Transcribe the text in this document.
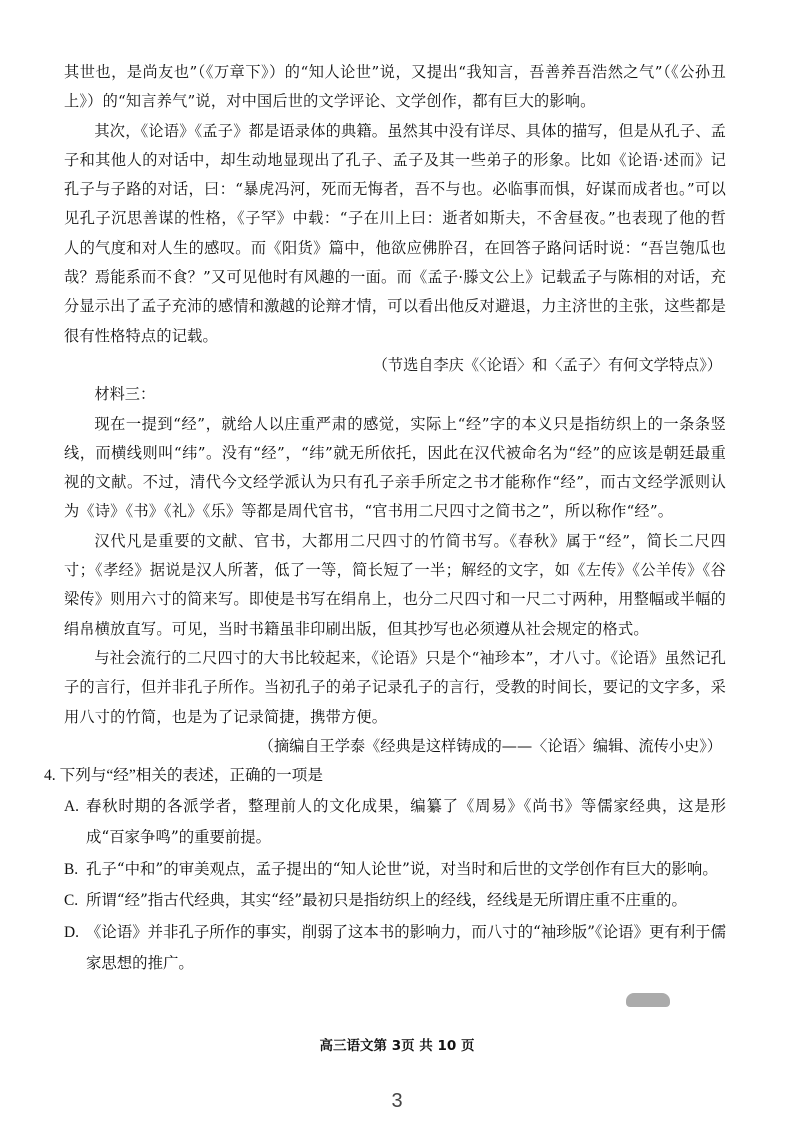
其世也，是尚友也”（《万章下》）的“知人论世”说，又提出“我知言，吾善养吾浩然之气”（《公孙丑上》）的“知言养气”说，对中国后世的文学评论、文学创作，都有巨大的影响。

其次，《论语》《孟子》都是语录体的典籍。虽然其中没有详尽、具体的描写，但是从孔子、孟子和其他人的对话中，却生动地显现出了孔子、孟子及其一些弟子的形象。比如《论语·述而》记孔子与子路的对话，曰：“暴虎冯河，死而无悔者，吾不与也。必临事而惧，好谋而成者也。”可以见孔子沉思善谋的性格，《子罕》中载：“子在川上曰：逝者如斯夫，不舍昼夜。”也表现了他的哲人的气度和对人生的感叹。而《阳货》篇中，他欲应佛肸召，在回答子路问话时说：“吾岂匏瓜也哉？焉能系而不食？”又可见他时有风趣的一面。而《孟子·滕文公上》记载孟子与陈相的对话，充分显示出了孟子充沛的感情和激越的论辩才情，可以看出他反对避退，力主济世的主张，这些都是很有性格特点的记载。

（节选自李庆《〈论语〉和〈孟子〉有何文学特点》）

材料三：

现在一提到“经”，就给人以庄重严肃的感觉，实际上“经”字的本义只是指纺织上的一条条竖线，而横线则叫“纬”。没有“经”，“纬”就无所依托，因此在汉代被命名为“经”的应该是朝廷最重视的文献。不过，清代今文经学派认为只有孔子亲手所定之书才能称作“经”，而古文经学派则认为《诗》《书》《礼》《乐》等都是周代官书，“官书用二尺四寸之简书之”，所以称作“经”。

汉代凡是重要的文献、官书，大都用二尺四寸的竹简书写。《春秋》属于“经”，简长二尺四寸；《孝经》据说是汉人所著，低了一等，简长短了一半；解经的文字，如《左传》《公羊传》《谷梁传》则用六寸的简来写。即使是书写在绢帛上，也分二尺四寸和一尺二寸两种，用整幅或半幅的绢帛横放直写。可见，当时书籍虽非印刷出版，但其抄写也必须遵从社会规定的格式。

与社会流行的二尺四寸的大书比较起来，《论语》只是个“袖珍本”，才八寸。《论语》虽然记孔子的言行，但并非孔子所作。当初孔子的弟子记录孔子的言行，受教的时间长，要记的文字多，采用八寸的竹简，也是为了记录简捷，携带方便。

（摘编自王学泰《经典是这样铸成的——〈论语〉编辑、流传小史》）

4. 下列与“经”相关的表述，正确的一项是

A. 春秋时期的各派学者，整理前人的文化成果，编纂了《周易》《尚书》等儒家经典，这是形成“百家争鸣”的重要前提。
B. 孔子“中和”的审美观点，孟子提出的“知人论世”说，对当时和后世的文学创作有巨大的影响。
C. 所谓“经”指古代经典，其实“经”最初只是指纺织上的经线，经线是无所谓庄重不庄重的。
D. 《论语》并非孔子所作的事实，削弱了这本书的影响力，而八寸的“袖珍版”《论语》更有利于儒家思想的推广。
高三语文第 3页 共 10 页
3
